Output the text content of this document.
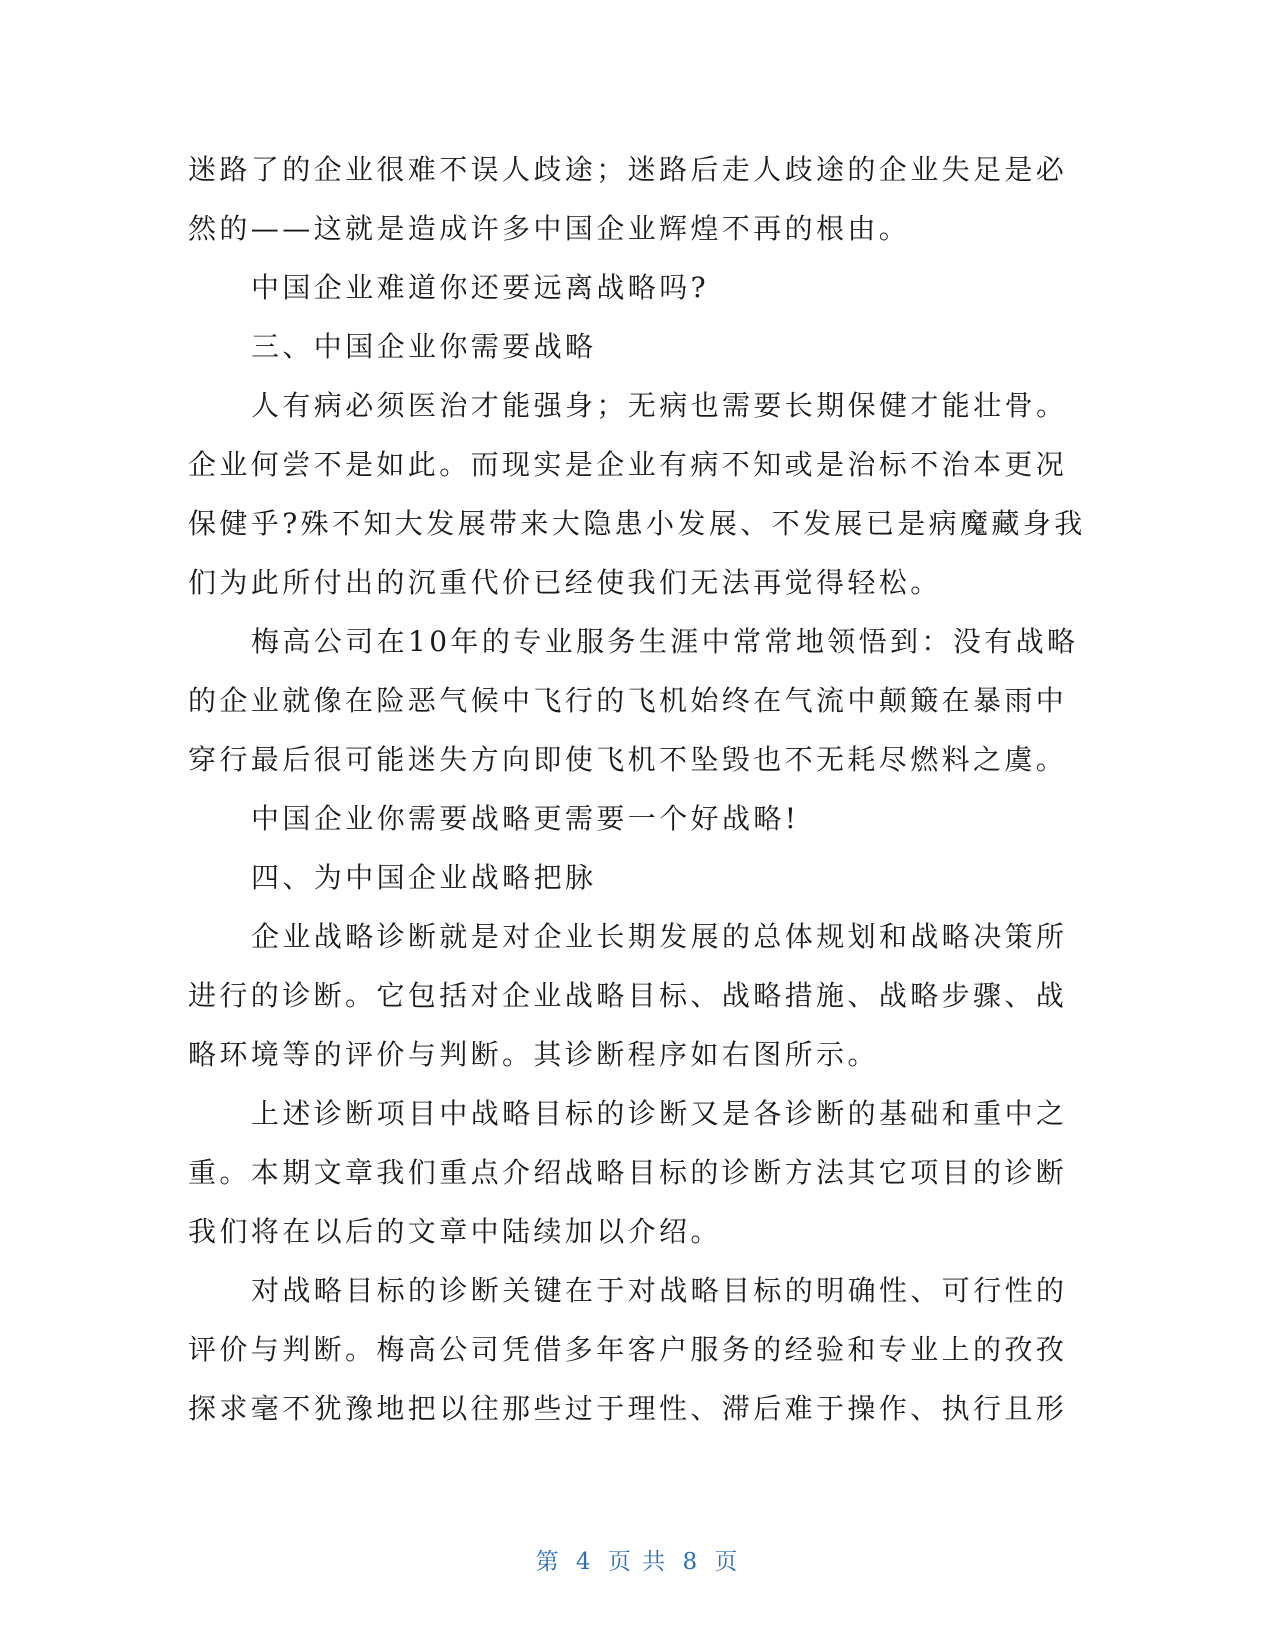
迷路了的企业很难不误人歧途；迷路后走人歧途的企业失足是必
然的——这就是造成许多中国企业辉煌不再的根由。
中国企业难道你还要远离战略吗?
三、中国企业你需要战略
人有病必须医治才能强身；无病也需要长期保健才能壮骨。
企业何尝不是如此。而现实是企业有病不知或是治标不治本更况
保健乎?殊不知大发展带来大隐患小发展、不发展已是病魔藏身我
们为此所付出的沉重代价已经使我们无法再觉得轻松。
梅高公司在10年的专业服务生涯中常常地领悟到：没有战略
的企业就像在险恶气候中飞行的飞机始终在气流中颠簸在暴雨中
穿行最后很可能迷失方向即使飞机不坠毁也不无耗尽燃料之虞。
中国企业你需要战略更需要一个好战略!
四、为中国企业战略把脉
企业战略诊断就是对企业长期发展的总体规划和战略决策所
进行的诊断。它包括对企业战略目标、战略措施、战略步骤、战
略环境等的评价与判断。其诊断程序如右图所示。
上述诊断项目中战略目标的诊断又是各诊断的基础和重中之
重。本期文章我们重点介绍战略目标的诊断方法其它项目的诊断
我们将在以后的文章中陆续加以介绍。
对战略目标的诊断关键在于对战略目标的明确性、可行性的
评价与判断。梅高公司凭借多年客户服务的经验和专业上的孜孜
探求毫不犹豫地把以往那些过于理性、滞后难于操作、执行且形
第 4 页 共 8 页
